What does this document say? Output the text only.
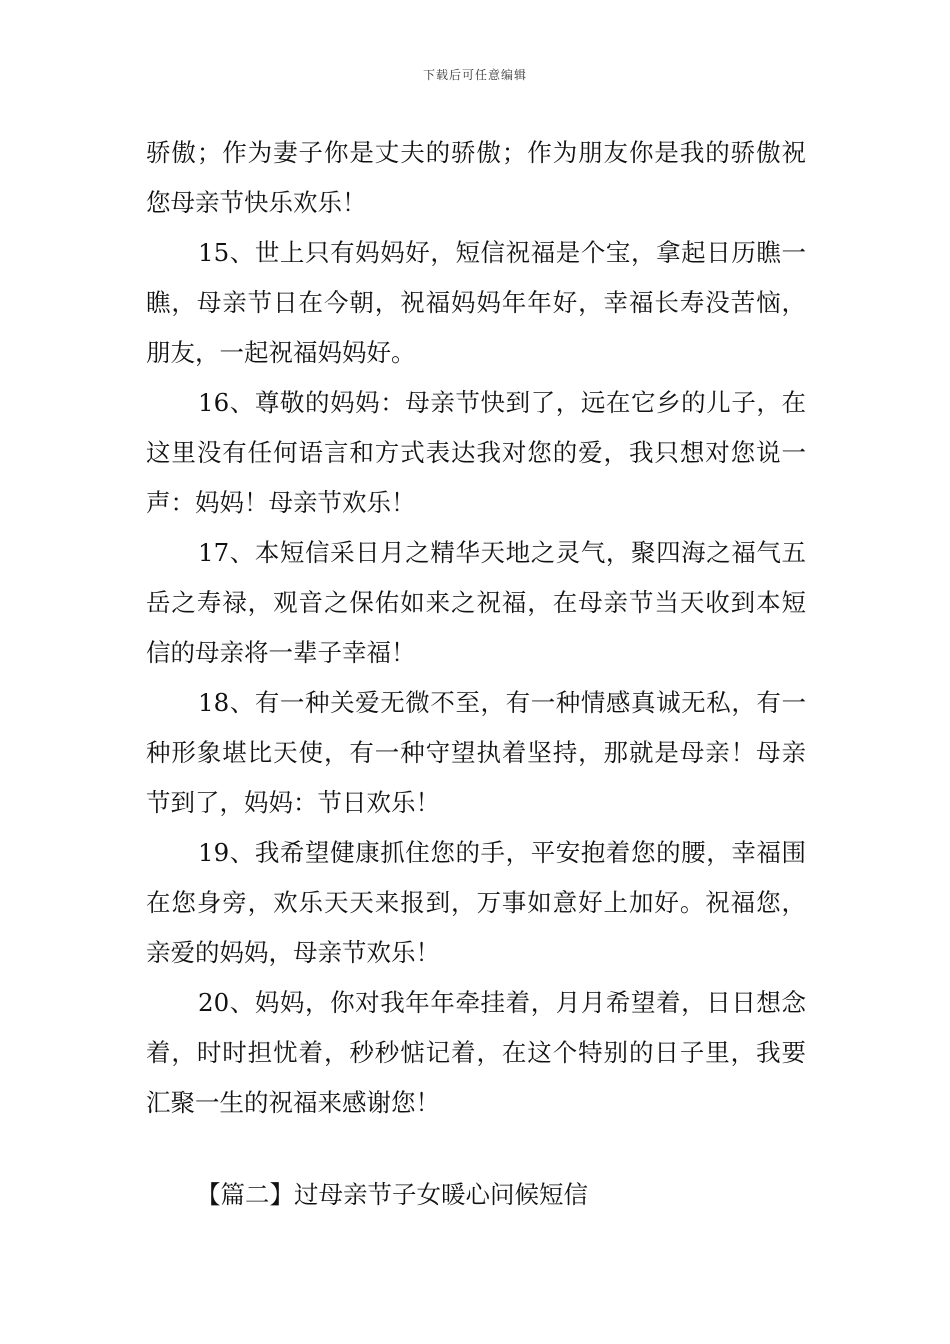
下载后可任意编辑

骄傲；作为妻子你是丈夫的骄傲；作为朋友你是我的骄傲祝您母亲节快乐欢乐！

15、世上只有妈妈好，短信祝福是个宝，拿起日历瞧一瞧，母亲节日在今朝，祝福妈妈年年好，幸福长寿没苦恼，朋友，一起祝福妈妈好。

16、尊敬的妈妈：母亲节快到了，远在它乡的儿子，在这里没有任何语言和方式表达我对您的爱，我只想对您说一声：妈妈！母亲节欢乐！

17、本短信采日月之精华天地之灵气，聚四海之福气五岳之寿禄，观音之保佑如来之祝福，在母亲节当天收到本短信的母亲将一辈子幸福！

18、有一种关爱无微不至，有一种情感真诚无私，有一种形象堪比天使，有一种守望执着坚持，那就是母亲！母亲节到了，妈妈：节日欢乐！

19、我希望健康抓住您的手，平安抱着您的腰，幸福围在您身旁，欢乐天天来报到，万事如意好上加好。祝福您，亲爱的妈妈，母亲节欢乐！

20、妈妈，你对我年年牵挂着，月月希望着，日日想念着，时时担忧着，秒秒惦记着，在这个特别的日子里，我要汇聚一生的祝福来感谢您！

【篇二】过母亲节子女暖心问候短信
